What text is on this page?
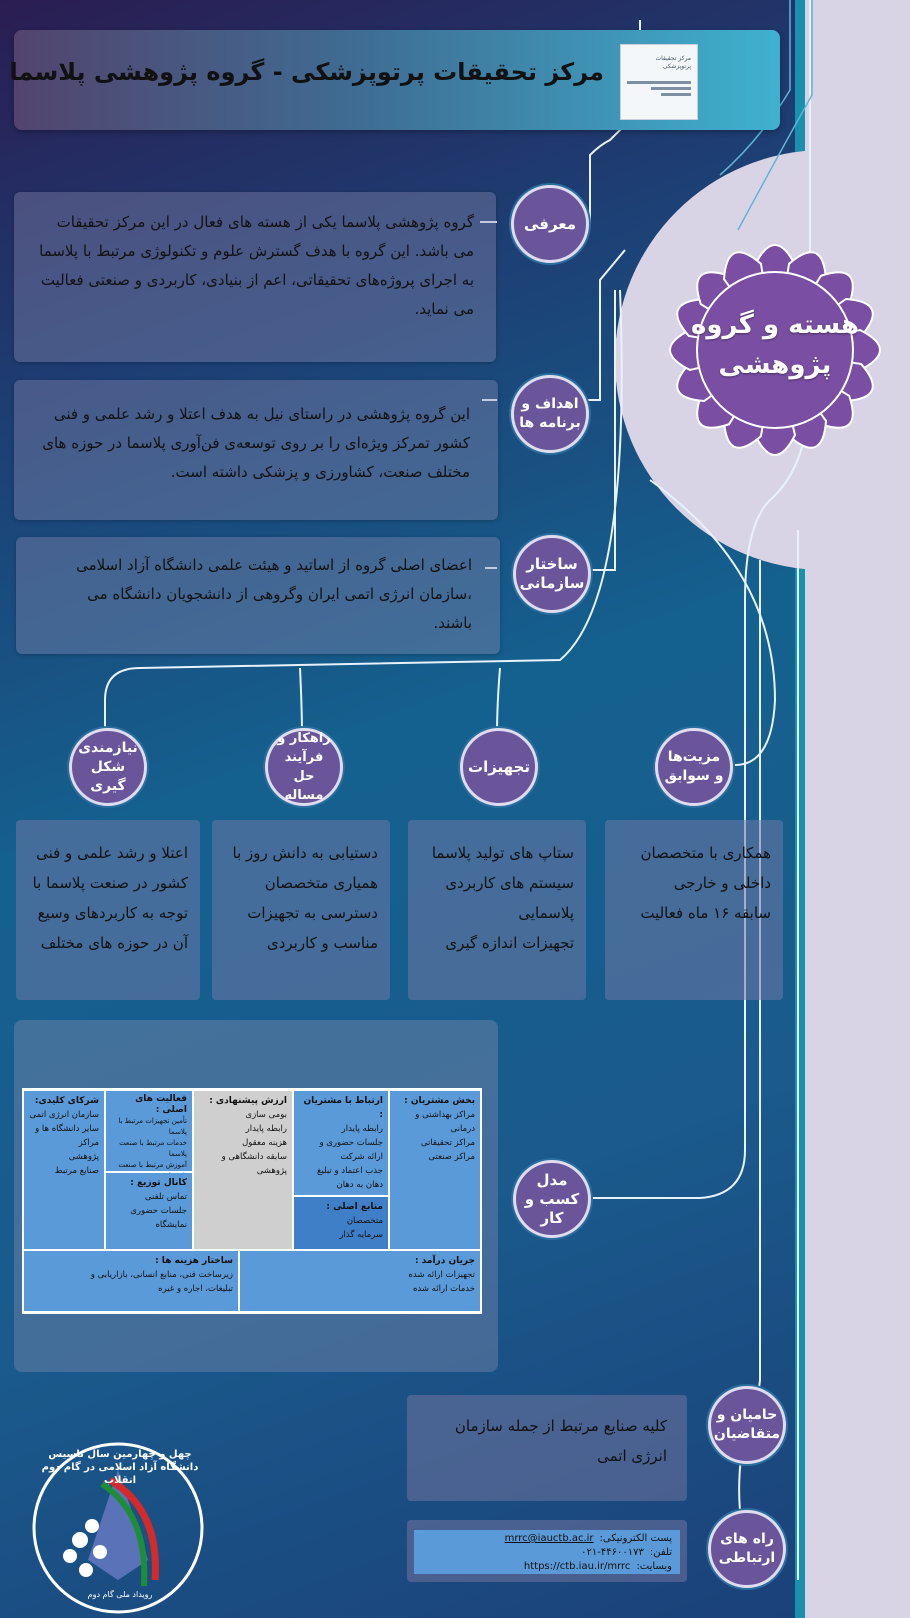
مرکز تحقیقات پرتوپزشکی
مرکز تحقیقات پرتوپزشکی - گروه پژوهشی پلاسما
هسته و گروه
پژوهشی
گروه پژوهشی پلاسما یکی از هسته های فعال در این مرکز تحقیقات می باشد. این گروه با هدف گسترش علوم و تکنولوژی مرتبط با پلاسما به اجرای پروژه‌های تحقیقاتی، اعم از بنیادی، کاربردی و صنعتی فعالیت می نماید.
معرفی
این گروه پژوهشی در راستای نیل به هدف اعتلا و رشد علمی و فنی کشور تمرکز ویژه‌ای را بر روی توسعه‌ی فن‌آوری پلاسما در حوزه های مختلف صنعت، کشاورزی و پزشکی داشته است.
اهداف و برنامه ها
اعضای اصلی گروه از اساتید و هیئت علمی دانشگاه آزاد اسلامی ،سازمان انرژی اتمی ایران وگروهی از دانشجویان دانشگاه می باشند.
ساختار سازمانی
مزیت‌ها و سوابق
تجهیزات
راهکار و فرآیند حل مساله
نیازمندی شکل گیری
همکاری با متخصصان
داخلی و خارجی
سابقه ۱۶ ماه فعالیت
ستاپ های تولید پلاسما
سیستم های کاربردی
پلاسمایی
تجهیزات اندازه گیری
دستیابی به دانش روز با
همیاری متخصصان
دسترسی به تجهیزات
مناسب و کاربردی
اعتلا و رشد علمی و فنی
کشور در صنعت پلاسما با
توجه به کاربردهای وسیع
آن در حوزه های مختلف
بخش مشتریان :
مراکز بهداشتی و درمانی
مراکز تحقیقاتی
مراکز صنعتی
ارتباط با مشتریان :
رابطه پایدار
جلسات حضوری و
ارائه شرکت
جذب اعتماد و تبلیغ
دهان به دهان
منابع اصلی :
متخصصان
سرمایه گذار
ارزش پیشنهادی :
بومی سازی
رابطه پایدار
هزینه معقول
سابقه دانشگاهی و پژوهشی
فعالیت های اصلی :
تأمین تجهیزات مرتبط با پلاسما
خدمات مرتبط با صنعت پلاسما
آموزش مرتبط با صنعت
کانال توزیع :
تماس تلفنی
جلسات حضوری
نمایشگاه
شرکای کلیدی:
سازمان انرژی اتمی
سایر دانشگاه ها و مراکز
پژوهشی
صنایع مرتبط
جریان درآمد :
تجهیزات ارائه شده
خدمات ارائه شده
ساختار هزینه ها :
زیرساخت فنی، منابع انسانی، بازاریابی و
تبلیغات، اجاره و غیره
مدل کسب و کار
کلیه صنایع مرتبط از جمله سازمان انرژی اتمی
حامیان و متقاضیان
پست الکترونیکی:
mrrc@iauctb.ac.ir
تلفن:
۰۲۱-۴۴۶۰۰۱۷۳
وبسایت:
https://ctb.iau.ir/mrrc
راه های ارتباطی
چهل و چهارمین سال تاسیس دانشگاه آزاد اسلامی در گام دوم انقلاب
رویداد ملی گام دوم
